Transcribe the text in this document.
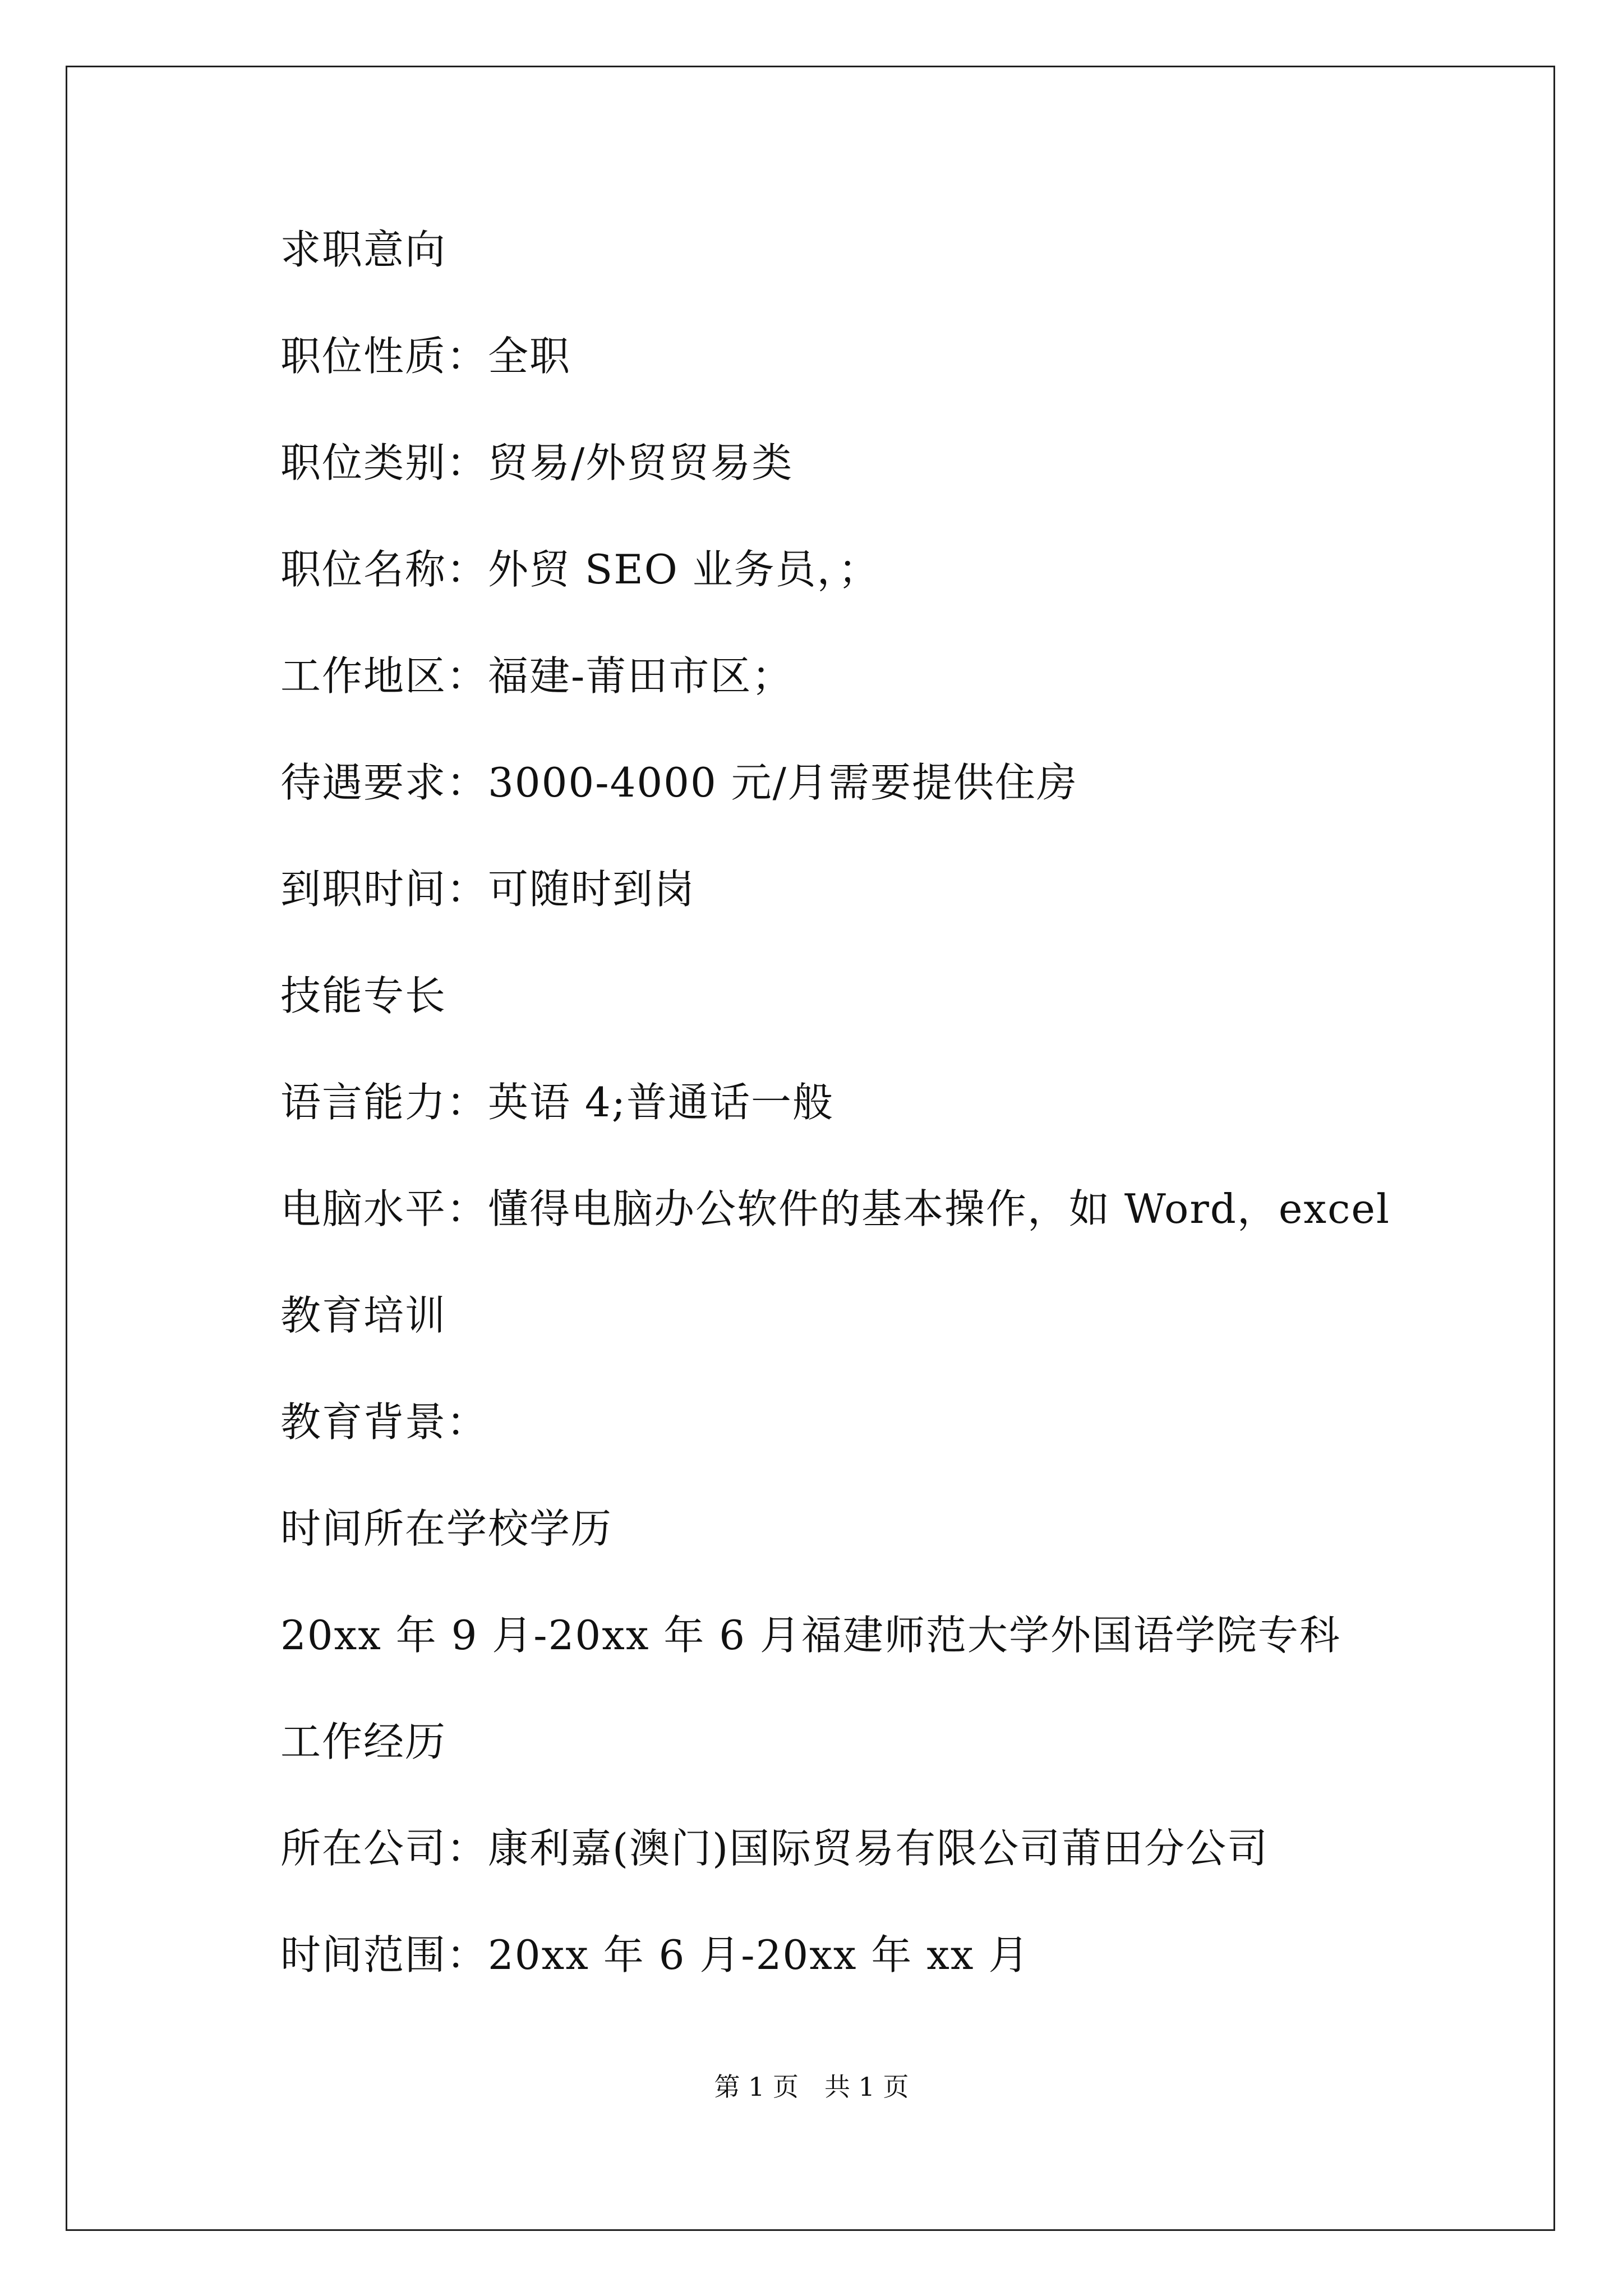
求职意向
职位性质：全职
职位类别：贸易/外贸贸易类
职位名称：外贸 SEO 业务员，；
工作地区：福建-莆田市区；
待遇要求：3000-4000 元/月需要提供住房
到职时间：可随时到岗
技能专长
语言能力：英语 4;普通话一般
电脑水平：懂得电脑办公软件的基本操作，如 Word，excel
教育培训
教育背景：
时间所在学校学历
20xx 年 9 月-20xx 年 6 月福建师范大学外国语学院专科
工作经历
所在公司：康利嘉(澳门)国际贸易有限公司莆田分公司
时间范围：20xx 年 6 月-20xx 年 xx 月
第 1 页　共 1 页
